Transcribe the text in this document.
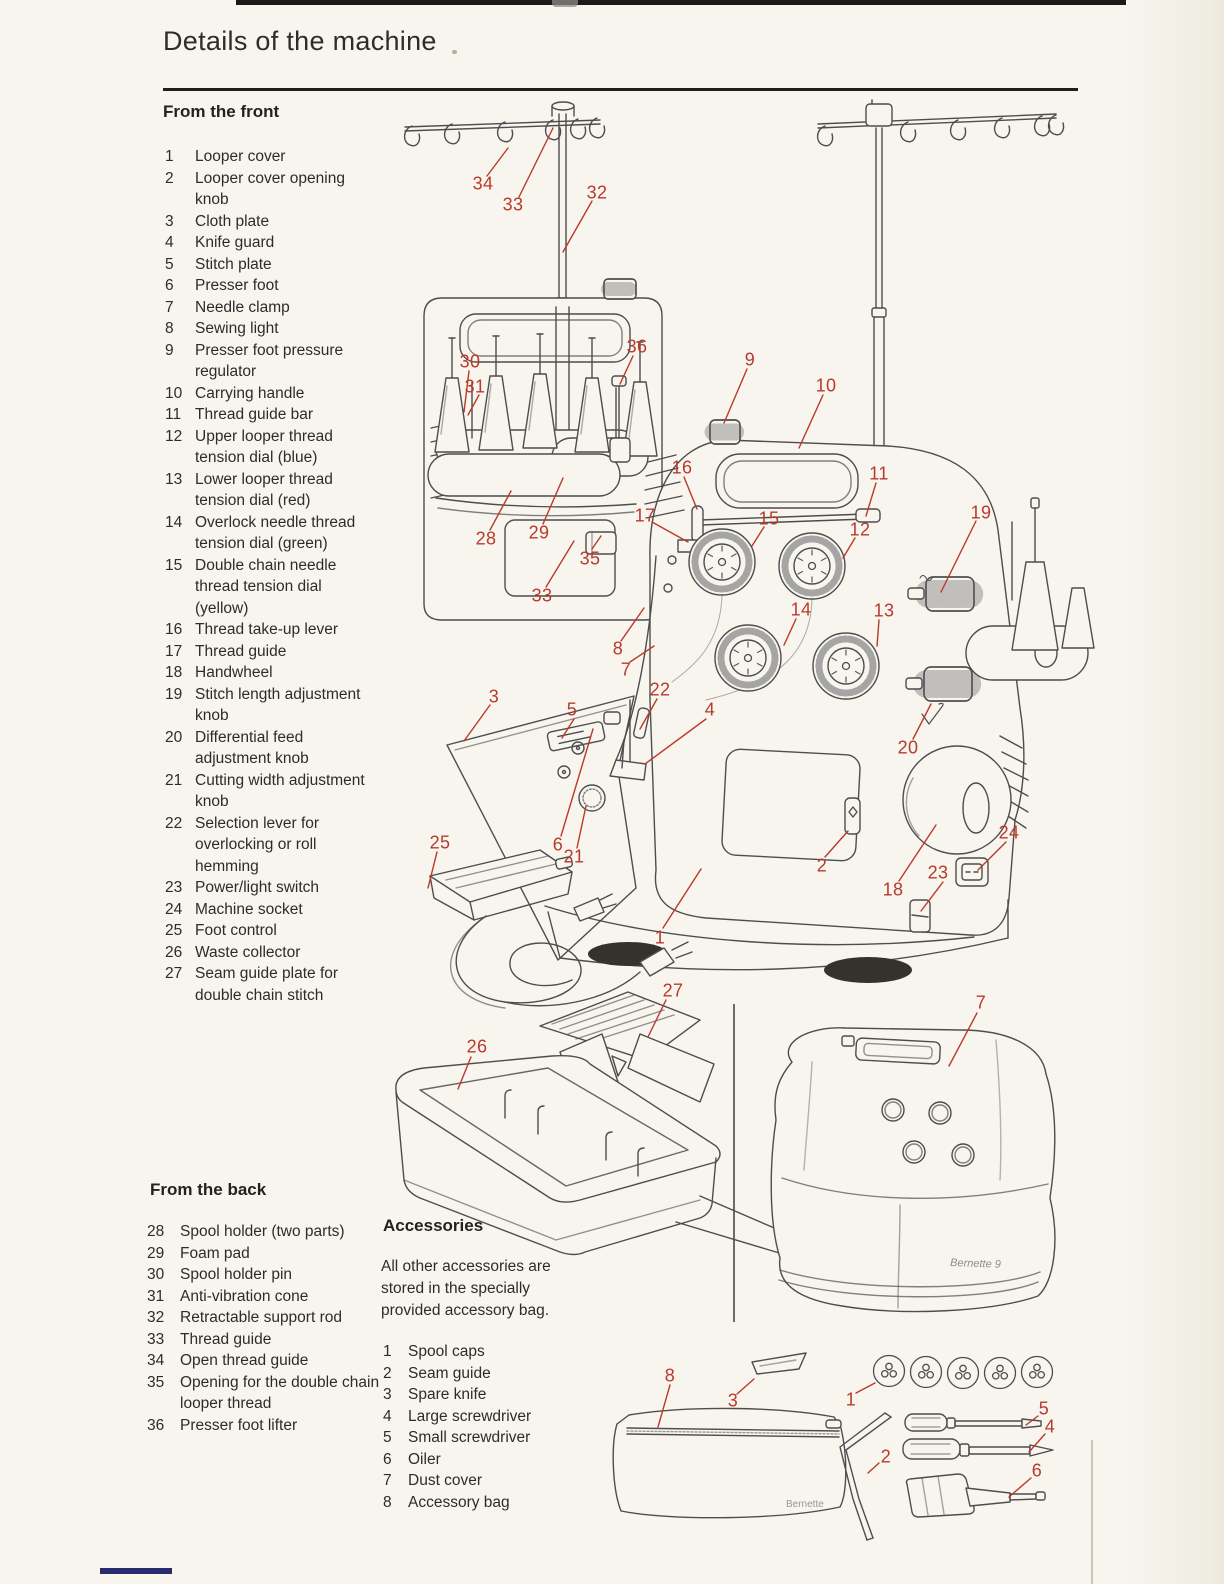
Details of the machine
From the front
From the back
Accessories
All other accessories are stored in the specially provided accessory bag.
1	Looper cover
2	Looper cover opening knob
3	Cloth plate
4	Knife guard
5	Stitch plate
6	Presser foot
7	Needle clamp
8	Sewing light
9	Presser foot pressure regulator
10 Carrying handle
11 Thread guide bar
12 Upper looper thread tension dial (blue)
13 Lower looper thread tension dial (red)
14 Overlock needle thread tension dial (green)
15 Double chain needle thread tension dial (yellow)
16 Thread take-up lever
17 Thread guide
18 Handwheel
19 Stitch length adjustment knob
20 Differential feed adjustment knob
21 Cutting width adjustment knob
22 Selection lever for overlocking or roll hemming
23 Power/light switch
24 Machine socket
25 Foot control
26 Waste collector
27 Seam guide plate for double chain stitch
28	Spool holder (two parts)
29	Foam pad
30	Spool holder pin
31	Anti-vibration cone
32	Retractable support rod
33	Thread guide
34	Open thread guide
35	Opening for the double chain looper thread
36	Presser foot lifter
1	Spool caps
2	Seam guide
3	Spare knife
4	Large screwdriver
5	Small screwdriver
6	Oiler
7	Dust cover
8	Accessory bag
Bernette 9
Bernette
34
33
32
30
31
36
28 29
35
33
9
10
11
16
17	15
12
19
14	13
20
8
7
3
5
22
4
6
21
25
2
1
18
23
24
26
27
7
8
3	1
2
5
4
6
